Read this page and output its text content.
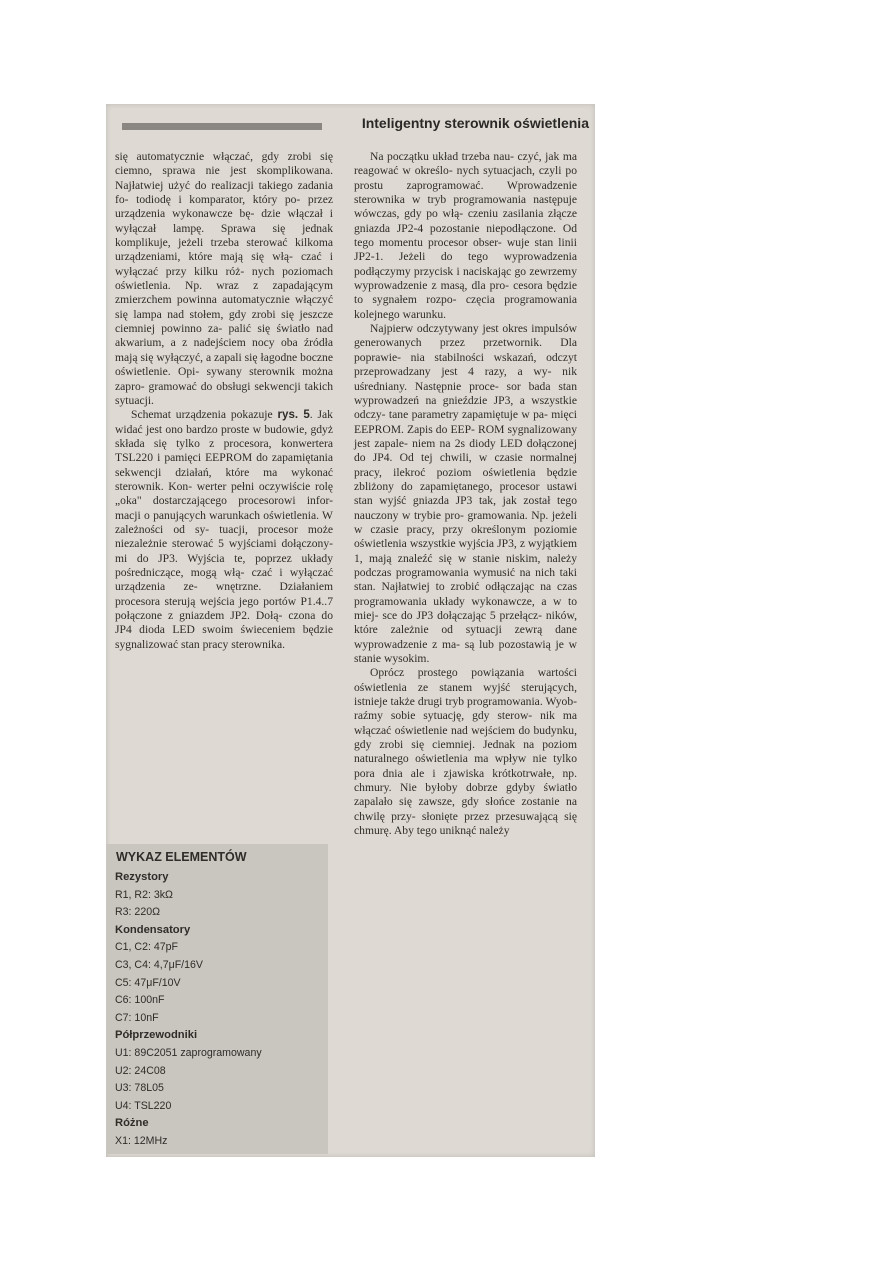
Inteligentny sterownik oświetlenia

się automatycznie włączać, gdy zrobi się ciemno, sprawa nie jest skomplikowana. Najłatwiej użyć do realizacji takiego zadania fo- todiodę i komparator, który po- przez urządzenia wykonawcze bę- dzie włączał i wyłączał lampę. Sprawa się jednak komplikuje, jeżeli trzeba sterować kilkoma urządzeniami, które mają się włą- czać i wyłączać przy kilku róż- nych poziomach oświetlenia. Np. wraz z zapadającym zmierzchem powinna automatycznie włączyć się lampa nad stołem, gdy zrobi się jeszcze ciemniej powinno za- palić się światło nad akwarium, a z nadejściem nocy oba źródła mają się wyłączyć, a zapali się łagodne boczne oświetlenie. Opi- sywany sterownik można zapro- gramować do obsługi sekwencji takich sytuacji.

Schemat urządzenia pokazuje rys. 5. Jak widać jest ono bardzo proste w budowie, gdyż składa się tylko z procesora, konwertera TSL220 i pamięci EEPROM do zapamiętania sekwencji działań, które ma wykonać sterownik. Kon- werter pełni oczywiście rolę „oka" dostarczającego procesorowi infor- macji o panujących warunkach oświetlenia. W zależności od sy- tuacji, procesor może niezależnie sterować 5 wyjściami dołączony- mi do JP3. Wyjścia te, poprzez układy pośredniczące, mogą włą- czać i wyłączać urządzenia ze- wnętrzne. Działaniem procesora sterują wejścia jego portów P1.4..7 połączone z gniazdem JP2. Dołą- czona do JP4 dioda LED swoim świeceniem będzie sygnalizować stan pracy sterownika.

Na początku układ trzeba nau- czyć, jak ma reagować w określo- nych sytuacjach, czyli po prostu zaprogramować. Wprowadzenie sterownika w tryb programowania następuje wówczas, gdy po włą- czeniu zasilania złącze gniazda JP2-4 pozostanie niepodłączone. Od tego momentu procesor obser- wuje stan linii JP2-1. Jeżeli do tego wyprowadzenia podłączymy przycisk i naciskając go zewrzemy wyprowadzenie z masą, dla pro- cesora będzie to sygnałem rozpo- częcia programowania kolejnego warunku.

Najpierw odczytywany jest okres impulsów generowanych przez przetwornik. Dla poprawie- nia stabilności wskazań, odczyt przeprowadzany jest 4 razy, a wy- nik uśredniany. Następnie proce- sor bada stan wyprowadzeń na gnieździe JP3, a wszystkie odczy- tane parametry zapamiętuje w pa- mięci EEPROM. Zapis do EEP- ROM sygnalizowany jest zapale- niem na 2s diody LED dołączonej do JP4. Od tej chwili, w czasie normalnej pracy, ilekroć poziom oświetlenia będzie zbliżony do zapamiętanego, procesor ustawi stan wyjść gniazda JP3 tak, jak został tego nauczony w trybie pro- gramowania. Np. jeżeli w czasie pracy, przy określonym poziomie oświetlenia wszystkie wyjścia JP3, z wyjątkiem 1, mają znaleźć się w stanie niskim, należy podczas programowania wymusić na nich taki stan. Najłatwiej to zrobić odłączając na czas programowania układy wykonawcze, a w to miej- sce do JP3 dołączając 5 przełącz- ników, które zależnie od sytuacji zewrą dane wyprowadzenie z ma- są lub pozostawią je w stanie wysokim.

Oprócz prostego powiązania wartości oświetlenia ze stanem wyjść sterujących, istnieje także drugi tryb programowania. Wyob- raźmy sobie sytuację, gdy sterow- nik ma włączać oświetlenie nad wejściem do budynku, gdy zrobi się ciemniej. Jednak na poziom naturalnego oświetlenia ma wpływ nie tylko pora dnia ale i zjawiska krótkotrwałe, np. chmury. Nie byłoby dobrze gdyby światło zapalało się zawsze, gdy słońce zostanie na chwilę przy- słonięte przez przesuwającą się chmurę. Aby tego uniknąć należy

WYKAZ ELEMENTÓW
Rezystory
R1, R2: 3kΩ
R3: 220Ω
Kondensatory
C1, C2: 47pF
C3, C4: 4,7μF/16V
C5: 47μF/10V
C6: 100nF
C7: 10nF
Półprzewodniki
U1: 89C2051 zaprogramowany
U2: 24C08
U3: 78L05
U4: TSL220
Różne
X1: 12MHz
